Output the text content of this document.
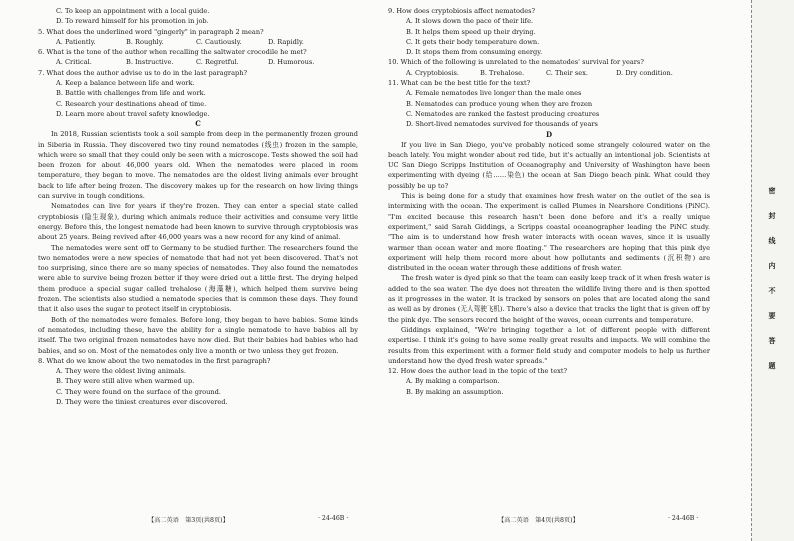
C. To keep an appointment with a local guide.
D. To reward himself for his promotion in job.
5. What does the underlined word "gingerly" in paragraph 2 mean?
A. Patiently.	B. Roughly.	C. Cautiously.	D. Rapidly.
6. What is the tone of the author when recalling the saltwater crocodile he met?
A. Critical.	B. Instructive.	C. Regretful.	D. Humorous.
7. What does the author advise us to do in the last paragraph?
A. Keep a balance between life and work.
B. Battle with challenges from life and work.
C. Research your destinations ahead of time.
D. Learn more about travel safety knowledge.
C
In 2018, Russian scientists took a soil sample from deep in the permanently frozen ground in Siberia in Russia. They discovered two tiny round nematodes (线虫) frozen in the sample, which were so small that they could only be seen with a microscope. Tests showed the soil had been frozen for about 46,000 years old. When the nematodes were placed in room temperature, they began to move. The nematodes are the oldest living animals ever brought back to life after being frozen. The discovery makes up for the research on how living things can survive in tough conditions.
Nematodes can live for years if they're frozen. They can enter a special state called cryptobiosis (隐生现象), during which animals reduce their activities and consume very little energy. Before this, the longest nematode had been known to survive through cryptobiosis was about 25 years. Being revived after 46,000 years was a new record for any kind of animal.
The nematodes were sent off to Germany to be studied further. The researchers found the two nematodes were a new species of nematode that had not yet been discovered. That's not too surprising, since there are so many species of nematodes. They also found the nematodes were able to survive being frozen better if they were dried out a little first. The drying helped them produce a special sugar called trehalose (海藻糖), which helped them survive being frozen. The scientists also studied a nematode species that is common these days. They found that it also uses the sugar to protect itself in cryptobiosis.
Both of the nematodes were females. Before long, they began to have babies. Some kinds of nematodes, including these, have the ability for a single nematode to have babies all by itself. The two original frozen nematodes have now died. But their babies had babies who had babies, and so on. Most of the nematodes only live a month or two unless they get frozen.
8. What do we know about the two nematodes in the first paragraph?
A. They were the oldest living animals.
B. They were still alive when warmed up.
C. They were found on the surface of the ground.
D. They were the tiniest creatures ever discovered.
【高二英语　第3页(共8页)】	· 24-46B ·
9. How does cryptobiosis affect nematodes?
A. It slows down the pace of their life.
B. It helps them speed up their drying.
C. It gets their body temperature down.
D. It stops them from consuming energy.
10. Which of the following is unrelated to the nematodes' survival for years?
A. Cryptobiosis.	B. Trehalose.	C. Their sex.	D. Dry condition.
11. What can be the best title for the text?
A. Female nematodes live longer than the male ones
B. Nematodes can produce young when they are frozen
C. Nematodes are ranked the fastest producing creatures
D. Short-lived nematodes survived for thousands of years
D
If you live in San Diego, you've probably noticed some strangely coloured water on the beach lately. You might wonder about red tide, but it's actually an intentional job. Scientists at UC San Diego Scripps Institution of Oceanography and University of Washington have been experimenting with dyeing (给……染色) the ocean at San Diego beach pink. What could they possibly be up to?
This is being done for a study that examines how fresh water on the outlet of the sea is intermixing with the ocean. The experiment is called Plumes in Nearshore Conditions (PiNC). "I'm excited because this research hasn't been done before and it's a really unique experiment," said Sarah Giddings, a Scripps coastal oceanographer leading the PiNC study. "The aim is to understand how fresh water interacts with ocean waves, since it is usually warmer than ocean water and more floating." The researchers are hoping that this pink dye experiment will help them record more about how pollutants and sediments (沉积物) are distributed in the ocean water through these additions of fresh water.
The fresh water is dyed pink so that the team can easily keep track of it when fresh water is added to the sea water. The dye does not threaten the wildlife living there and is then spotted as it progresses in the water. It is tracked by sensors on poles that are located along the sand as well as by drones (无人驾驶飞机). There's also a device that tracks the light that is given off by the pink dye. The sensors record the height of the waves, ocean currents and temperature.
Giddings explained, "We're bringing together a lot of different people with different expertise. I think it's going to have some really great results and impacts. We will combine the results from this experiment with a former field study and computer models to help us further understand how the dyed fresh water spreads."
12. How does the author lead in the topic of the text?
A. By making a comparison.
B. By making an assumption.
【高二英语　第4页(共8页)】	· 24-46B ·
密
封
线
内
不
要
答
题
